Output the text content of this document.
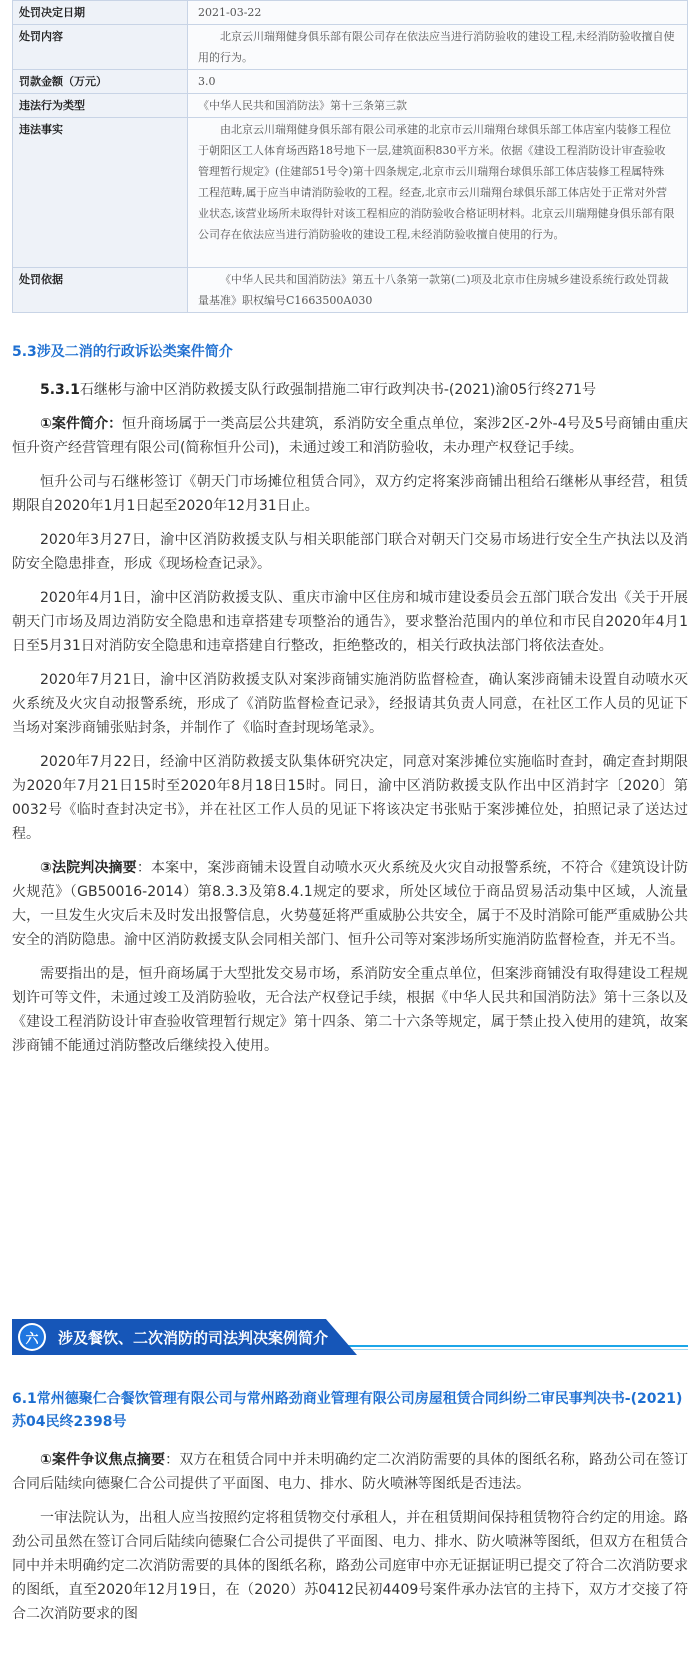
处罚决定日期	2021-03-22
处罚内容	北京云川瑞翔健身俱乐部有限公司存在依法应当进行消防验收的建设工程,未经消防验收擅自使用的行为。
罚款金额（万元）	3.0
违法行为类型	《中华人民共和国消防法》第十三条第三款
违法事实	由北京云川瑞翔健身俱乐部有限公司承建的北京市云川瑞翔台球俱乐部工体店室内装修工程位于朝阳区工人体育场西路18号地下一层,建筑面积830平方米。依据《建设工程消防设计审查验收管理暂行规定》(住建部51号令)第十四条规定,北京市云川瑞翔台球俱乐部工体店装修工程属特殊工程范畴,属于应当申请消防验收的工程。经查,北京市云川瑞翔台球俱乐部工体店处于正常对外营业状态,该营业场所未取得针对该工程相应的消防验收合格证明材料。北京云川瑞翔健身俱乐部有限公司存在依法应当进行消防验收的建设工程,未经消防验收擅自使用的行为。
处罚依据	《中华人民共和国消防法》第五十八条第一款第(二)项及北京市住房城乡建设系统行政处罚裁量基准》职权编号C1663500A030
5.3涉及二消的行政诉讼类案件简介

5.3.1石继彬与渝中区消防救援支队行政强制措施二审行政判决书-(2021)渝05行终271号

①案件简介：恒升商场属于一类高层公共建筑，系消防安全重点单位，案涉2区-2外-4号及5号商铺由重庆恒升资产经营管理有限公司(简称恒升公司)，未通过竣工和消防验收，未办理产权登记手续。

恒升公司与石继彬签订《朝天门市场摊位租赁合同》，双方约定将案涉商铺出租给石继彬从事经营，租赁期限自2020年1月1日起至2020年12月31日止。

2020年3月27日，渝中区消防救援支队与相关职能部门联合对朝天门交易市场进行安全生产执法以及消防安全隐患排查，形成《现场检查记录》。

2020年4月1日，渝中区消防救援支队、重庆市渝中区住房和城市建设委员会五部门联合发出《关于开展朝天门市场及周边消防安全隐患和违章搭建专项整治的通告》，要求整治范围内的单位和市民自2020年4月1日至5月31日对消防安全隐患和违章搭建自行整改，拒绝整改的，相关行政执法部门将依法查处。

2020年7月21日，渝中区消防救援支队对案涉商铺实施消防监督检查，确认案涉商铺未设置自动喷水灭火系统及火灾自动报警系统，形成了《消防监督检查记录》，经报请其负责人同意，在社区工作人员的见证下当场对案涉商铺张贴封条，并制作了《临时查封现场笔录》。

2020年7月22日，经渝中区消防救援支队集体研究决定，同意对案涉摊位实施临时查封，确定查封期限为2020年7月21日15时至2020年8月18日15时。同日，渝中区消防救援支队作出中区消封字〔2020〕第0032号《临时查封决定书》，并在社区工作人员的见证下将该决定书张贴于案涉摊位处，拍照记录了送达过程。

③法院判决摘要：本案中，案涉商铺未设置自动喷水灭火系统及火灾自动报警系统，不符合《建筑设计防火规范》（GB50016-2014）第8.3.3及第8.4.1规定的要求，所处区域位于商品贸易活动集中区域，人流量大，一旦发生火灾后未及时发出报警信息，火势蔓延将严重威胁公共安全，属于不及时消除可能严重威胁公共安全的消防隐患。渝中区消防救援支队会同相关部门、恒升公司等对案涉场所实施消防监督检查，并无不当。

需要指出的是，恒升商场属于大型批发交易市场，系消防安全重点单位，但案涉商铺没有取得建设工程规划许可等文件，未通过竣工及消防验收，无合法产权登记手续，根据《中华人民共和国消防法》第十三条以及《建设工程消防设计审查验收管理暂行规定》第十四条、第二十六条等规定，属于禁止投入使用的建筑，故案涉商铺不能通过消防整改后继续投入使用。

六	涉及餐饮、二次消防的司法判决案例简介
6.1常州德聚仁合餐饮管理有限公司与常州路劲商业管理有限公司房屋租赁合同纠纷二审民事判决书-(2021)苏04民终2398号

①案件争议焦点摘要：双方在租赁合同中并未明确约定二次消防需要的具体的图纸名称，路劲公司在签订合同后陆续向德聚仁合公司提供了平面图、电力、排水、防火喷淋等图纸是否违法。

一审法院认为，出租人应当按照约定将租赁物交付承租人，并在租赁期间保持租赁物符合约定的用途。路劲公司虽然在签订合同后陆续向德聚仁合公司提供了平面图、电力、排水、防火喷淋等图纸，但双方在租赁合同中并未明确约定二次消防需要的具体的图纸名称，路劲公司庭审中亦无证据证明已提交了符合二次消防要求的图纸，直至2020年12月19日，在（2020）苏0412民初4409号案件承办法官的主持下，双方才交接了符合二次消防要求的图
